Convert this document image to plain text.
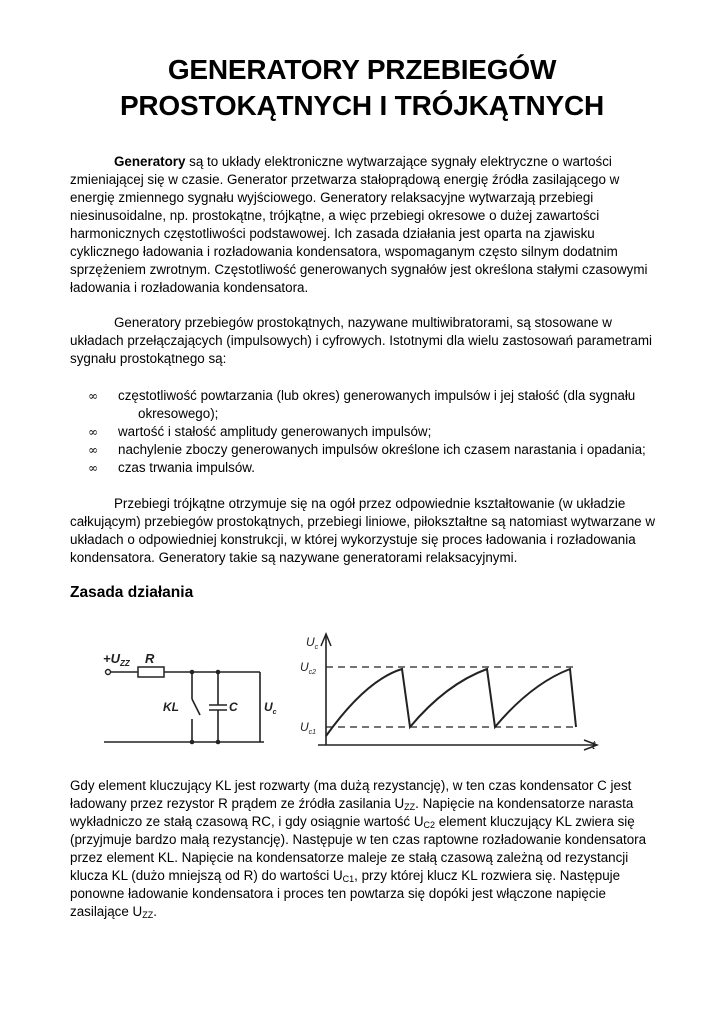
GENERATORY PRZEBIEGÓW
PROSTOKĄTNYCH I TRÓJKĄTNYCH

Generatory są to układy elektroniczne wytwarzające sygnały elektryczne o wartości zmieniającej się w czasie. Generator przetwarza stałoprądową energię źródła zasilającego w energię zmiennego sygnału wyjściowego. Generatory relaksacyjne wytwarzają przebiegi niesinusoidalne, np. prostokątne, trójkątne, a więc przebiegi okresowe o dużej zawartości harmonicznych częstotliwości podstawowej. Ich zasada działania jest oparta na zjawisku cyklicznego ładowania i rozładowania kondensatora, wspomaganym często silnym dodatnim sprzężeniem zwrotnym. Częstotliwość generowanych sygnałów jest określona stałymi czasowymi ładowania i rozładowania kondensatora.

Generatory przebiegów prostokątnych, nazywane multiwibratorami, są stosowane w układach przełączających (impulsowych) i cyfrowych. Istotnymi dla wielu zastosowań parametrami sygnału prostokątnego są:

∞ częstotliwość powtarzania (lub okres) generowanych impulsów i jej stałość (dla sygnału
okresowego);
∞ wartość i stałość amplitudy generowanych impulsów;
∞ nachylenie zboczy generowanych impulsów określone ich czasem narastania i opadania;
∞ czas trwania impulsów.

Przebiegi trójkątne otrzymuje się na ogół przez odpowiednie kształtowanie (w układzie całkującym) przebiegów prostokątnych, przebiegi liniowe, piłokształtne są natomiast wytwarzane w układach o odpowiedniej konstrukcji, w której wykorzystuje się proces ładowania i rozładowania kondensatora. Generatory takie są nazywane generatorami relaksacyjnymi.

Zasada działania
$+U_{ZZ}$ R
KL	C $U_c$
$U_c$
$U_{c2}$
$U_{c1}$
t

Gdy element kluczujący KL jest rozwarty (ma dużą rezystancję), w ten czas kondensator C jest ładowany przez rezystor R prądem ze źródła zasilania $U_{ZZ}$. Napięcie na kondensatorze narasta wykładniczo ze stałą czasową RC, i gdy osiągnie wartość $U_{C2}$ element kluczujący KL zwiera się (przyjmuje bardzo małą rezystancję). Następuje w ten czas raptowne rozładowanie kondensatora przez element KL. Napięcie na kondensatorze maleje ze stałą czasową zależną od rezystancji klucza KL (dużo mniejszą od R) do wartości $U_{C1}$, przy której klucz KL rozwiera się. Następuje ponowne ładowanie kondensatora i proces ten powtarza się dopóki jest włączone napięcie zasilające $U_{ZZ}$.
